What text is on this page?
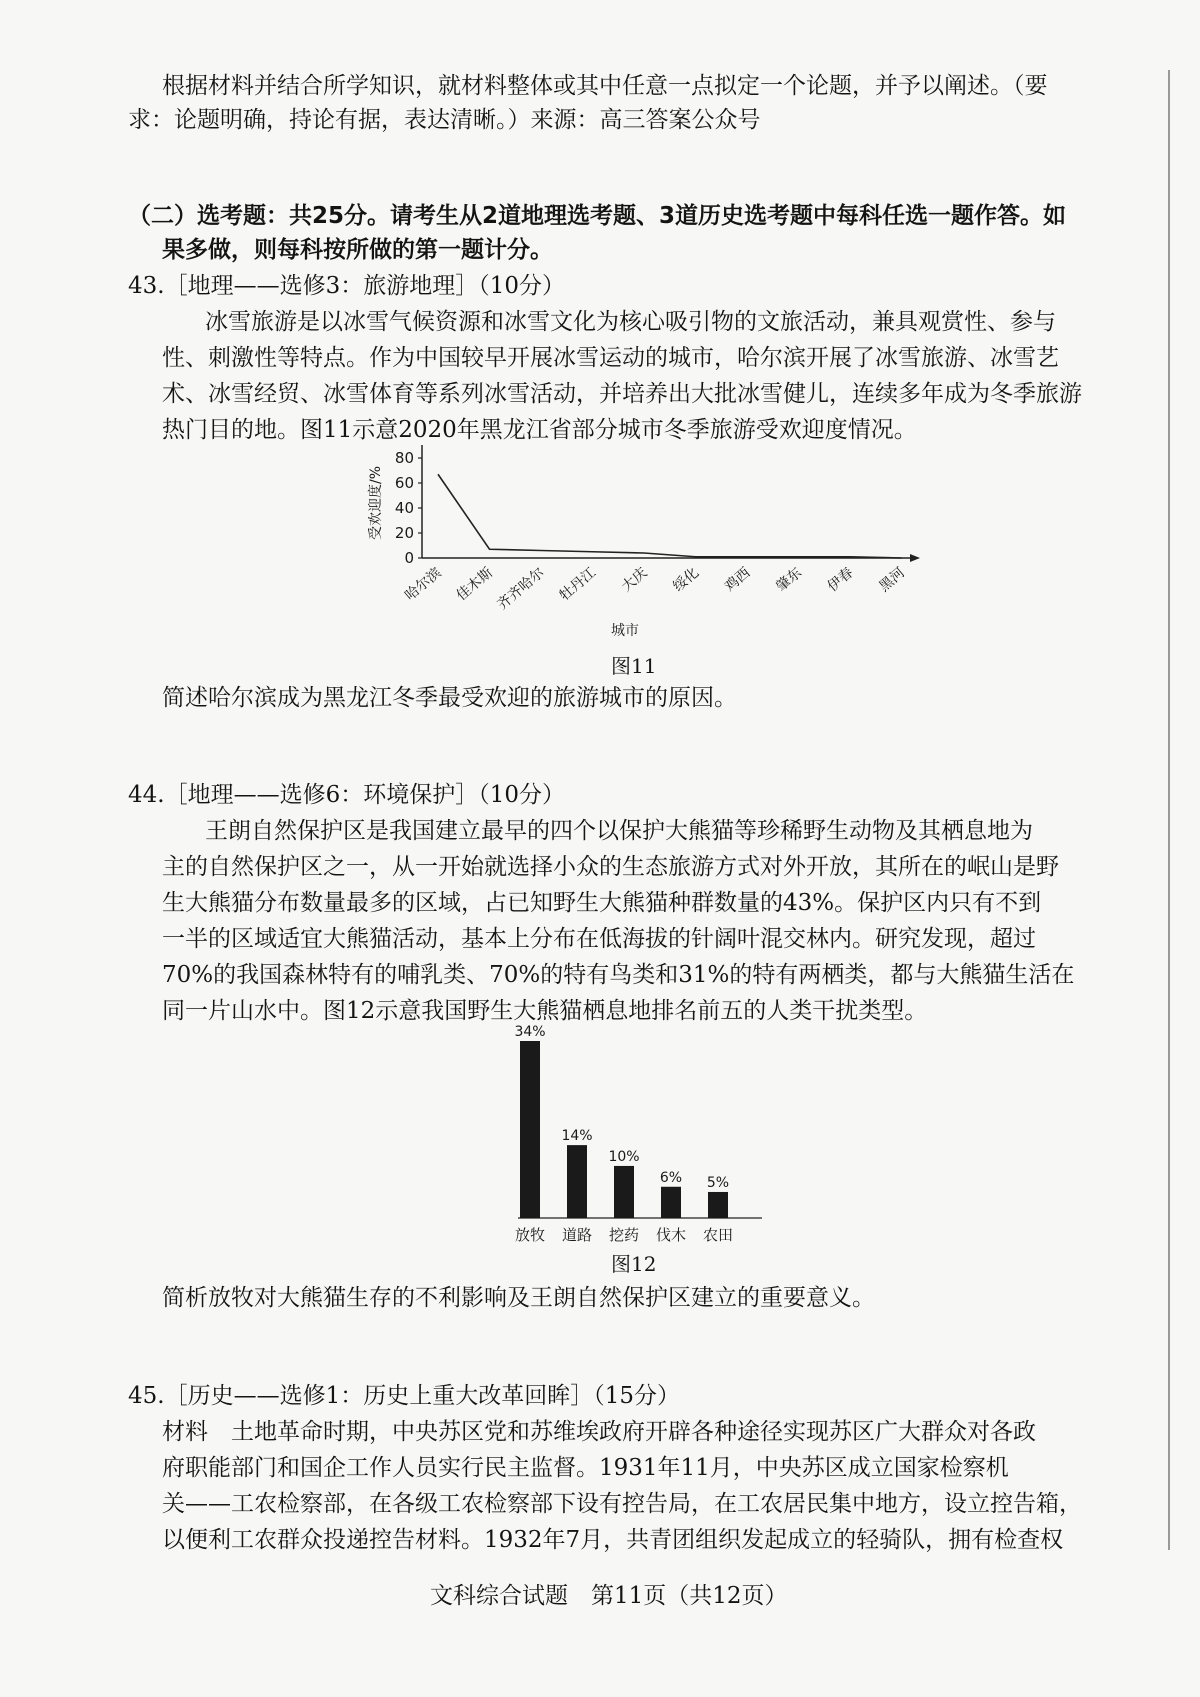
根据材料并结合所学知识，就材料整体或其中任意一点拟定一个论题，并予以阐述。（要
求：论题明确，持论有据，表达清晰。）来源：高三答案公众号
（二）选考题：共25分。请考生从2道地理选考题、3道历史选考题中每科任选一题作答。如
果多做，则每科按所做的第一题计分。
43.［地理——选修3：旅游地理］（10分）
冰雪旅游是以冰雪气候资源和冰雪文化为核心吸引物的文旅活动，兼具观赏性、参与
性、刺激性等特点。作为中国较早开展冰雪运动的城市，哈尔滨开展了冰雪旅游、冰雪艺
术、冰雪经贸、冰雪体育等系列冰雪活动，并培养出大批冰雪健儿，连续多年成为冬季旅游
热门目的地。图11示意2020年黑龙江省部分城市冬季旅游受欢迎度情况。
0
20
40
60
80
受欢迎度/%
哈尔滨 佳木斯
齐齐哈尔 牡丹江 大庆 绥化 鸡西 肇东 伊春 黑河
城市
图11
简述哈尔滨成为黑龙江冬季最受欢迎的旅游城市的原因。
44.［地理——选修6：环境保护］（10分）
王朗自然保护区是我国建立最早的四个以保护大熊猫等珍稀野生动物及其栖息地为
主的自然保护区之一，从一开始就选择小众的生态旅游方式对外开放，其所在的岷山是野
生大熊猫分布数量最多的区域，占已知野生大熊猫种群数量的43%。保护区内只有不到
一半的区域适宜大熊猫活动，基本上分布在低海拔的针阔叶混交林内。研究发现，超过
70%的我国森林特有的哺乳类、70%的特有鸟类和31%的特有两栖类，都与大熊猫生活在
同一片山水中。图12示意我国野生大熊猫栖息地排名前五的人类干扰类型。
34%
放牧
14%
道路
10%
挖药
6%
伐木
5%
农田
图12
简析放牧对大熊猫生存的不利影响及王朗自然保护区建立的重要意义。
45.［历史——选修1：历史上重大改革回眸］（15分）
材料　土地革命时期，中央苏区党和苏维埃政府开辟各种途径实现苏区广大群众对各政
府职能部门和国企工作人员实行民主监督。1931年11月，中央苏区成立国家检察机
关——工农检察部，在各级工农检察部下设有控告局，在工农居民集中地方，设立控告箱，
以便利工农群众投递控告材料。1932年7月，共青团组织发起成立的轻骑队，拥有检查权
文科综合试题　第11页（共12页）
